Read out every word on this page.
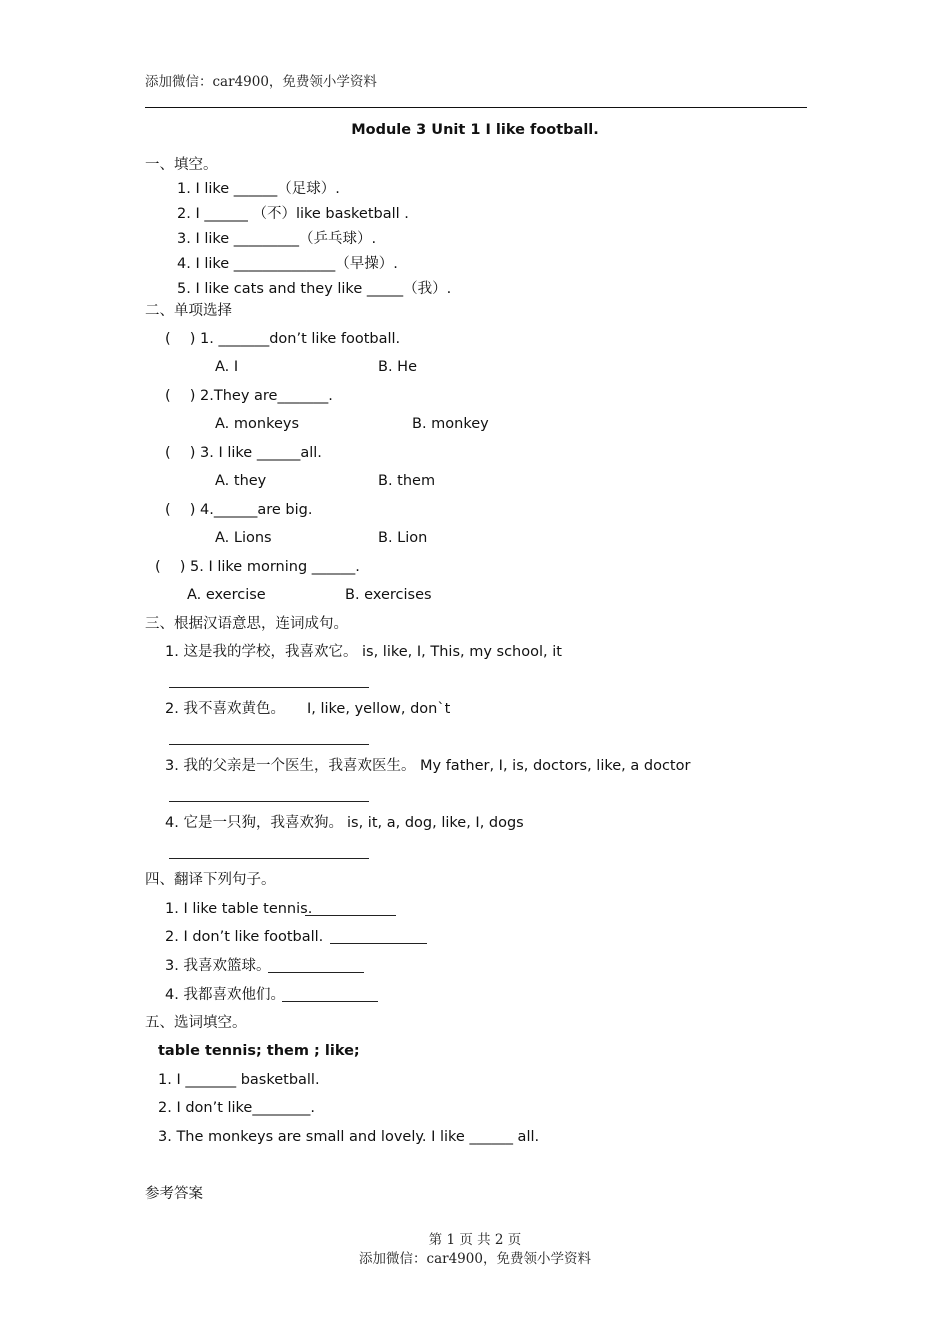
添加微信：car4900，免费领小学资料
Module 3 Unit 1 I like football.
一、填空。
1. I like ______（足球）.
2. I ______ （不）like basketball .
3. I like _________（乒乓球）.
4. I like ______________（早操）.
5. I like cats and they like _____（我）.
二、单项选择
(　 ) 1. _______don’t like football.
A. I	B. He
(　 ) 2.They are_______.
A. monkeys	B. monkey
(　 ) 3. I like ______all.
A. they	B. them
(　 ) 4.______are big.
A. Lions	B. Lion
(　 ) 5. I like morning ______.
A. exercise	B. exercises
三、根据汉语意思，连词成句。
1. 这是我的学校，我喜欢它。 is, like, I, This, my school, it
2. 我不喜欢黄色。 I, like, yellow, don`t
3. 我的父亲是一个医生，我喜欢医生。 My father, I, is, doctors, like, a doctor
4. 它是一只狗，我喜欢狗。 is, it, a, dog, like, I, dogs
四、翻译下列句子。
1. I like table tennis.
2. I don’t like football.
3. 我喜欢篮球。
4. 我都喜欢他们。
五、选词填空。
table tennis; them ; like;
1. I _______ basketball.
2. I don’t like________.
3. The monkeys are small and lovely. I like ______ all.
参考答案
第 1 页 共 2 页
添加微信：car4900，免费领小学资料
